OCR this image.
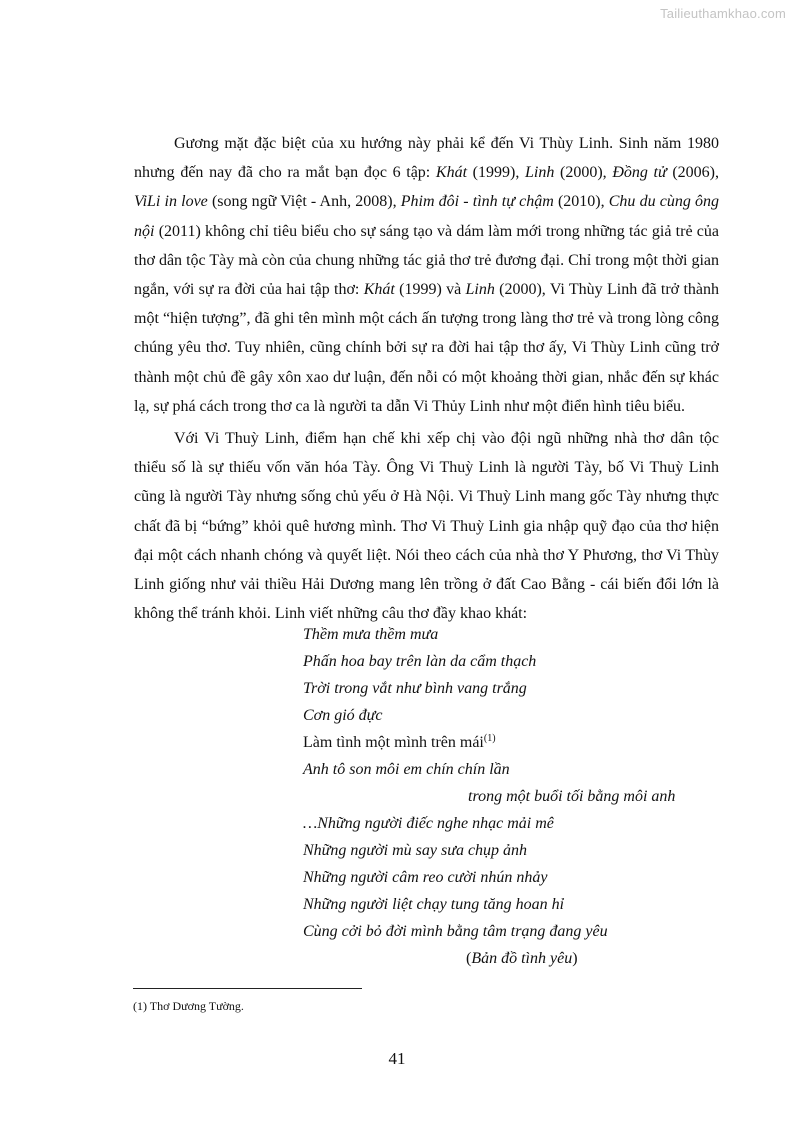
Tailieuthamkhao.com

Gương mặt đặc biệt của xu hướng này phải kể đến Vi Thùy Linh. Sinh năm 1980 nhưng đến nay đã cho ra mắt bạn đọc 6 tập: Khát (1999), Linh (2000), Đồng tử (2006), ViLi in love (song ngữ Việt - Anh, 2008), Phim đôi - tình tự chậm (2010), Chu du cùng ông nội (2011) không chỉ tiêu biểu cho sự sáng tạo và dám làm mới trong những tác giả trẻ của thơ dân tộc Tày mà còn của chung những tác giả thơ trẻ đương đại. Chỉ trong một thời gian ngắn, với sự ra đời của hai tập thơ: Khát (1999) và Linh (2000), Vi Thùy Linh đã trở thành một “hiện tượng”, đã ghi tên mình một cách ấn tượng trong làng thơ trẻ và trong lòng công chúng yêu thơ. Tuy nhiên, cũng chính bởi sự ra đời hai tập thơ ấy, Vi Thùy Linh cũng trở thành một chủ đề gây xôn xao dư luận, đến nỗi có một khoảng thời gian, nhắc đến sự khác lạ, sự phá cách trong thơ ca là người ta dẫn Vi Thủy Linh như một điển hình tiêu biểu.

Với Vi Thuỳ Linh, điểm hạn chế khi xếp chị vào đội ngũ những nhà thơ dân tộc thiểu số là sự thiếu vốn văn hóa Tày. Ông Vi Thuỳ Linh là người Tày, bố Vi Thuỳ Linh cũng là người Tày nhưng sống chủ yếu ở Hà Nội. Vi Thuỳ Linh mang gốc Tày nhưng thực chất đã bị “bứng” khỏi quê hương mình. Thơ Vi Thuỳ Linh gia nhập quỹ đạo của thơ hiện đại một cách nhanh chóng và quyết liệt. Nói theo cách của nhà thơ Y Phương, thơ Vi Thùy Linh giống như vải thiều Hải Dương mang lên trồng ở đất Cao Bằng - cái biến đổi lớn là không thể tránh khỏi. Linh viết những câu thơ đầy khao khát:

Thềm mưa thềm mưa
Phấn hoa bay trên làn da cẩm thạch
Trời trong vắt như bình vang trắng
Cơn gió đực
Làm tình một mình trên mái$^{(1)}$
Anh tô son môi em chín chín lần
trong một buổi tối bằng môi anh
…Những người điếc nghe nhạc mải mê
Những người mù say sưa chụp ảnh
Những người câm reo cười nhún nhảy
Những người liệt chạy tung tăng hoan hỉ
Cùng cởi bỏ đời mình bằng tâm trạng đang yêu
(Bản đồ tình yêu)
(1) Thơ Dương Tường.
41
